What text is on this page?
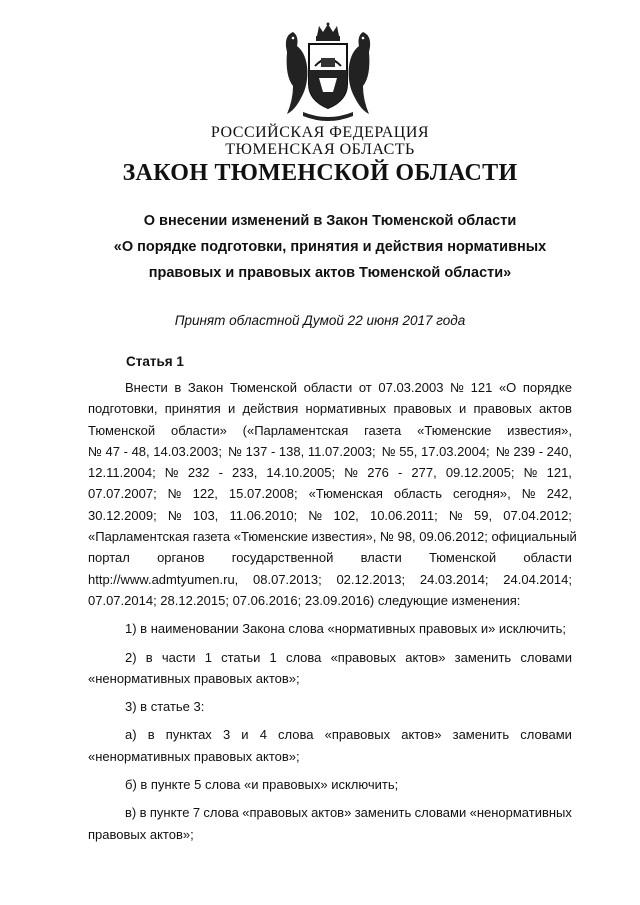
РОССИЙСКАЯ ФЕДЕРАЦИЯ
ТЮМЕНСКАЯ ОБЛАСТЬ
ЗАКОН ТЮМЕНСКОЙ ОБЛАСТИ
О внесении изменений в Закон Тюменской области
«О порядке подготовки, принятия и действия нормативных
правовых и правовых актов Тюменской области»
Принят областной Думой 22 июня 2017 года
Статья 1
Внести в Закон Тюменской области от 07.03.2003 № 121 «О порядке
подготовки, принятия и действия нормативных правовых и правовых актов
Тюменской области» («Парламентская газета «Тюменские известия»,
№ 47 - 48, 14.03.2003; № 137 - 138, 11.07.2003; № 55, 17.03.2004; № 239 - 240,
12.11.2004; № 232 - 233, 14.10.2005; № 276 - 277, 09.12.2005; № 121,
07.07.2007; № 122, 15.07.2008; «Тюменская область сегодня», № 242,
30.12.2009; № 103, 11.06.2010; № 102, 10.06.2011; № 59, 07.04.2012;
«Парламентская газета «Тюменские известия», № 98, 09.06.2012; официальный
портал органов государственной власти Тюменской области
http://www.admtyumen.ru, 08.07.2013; 02.12.2013; 24.03.2014; 24.04.2014;
07.07.2014; 28.12.2015; 07.06.2016; 23.09.2016) следующие изменения:
1) в наименовании Закона слова «нормативных правовых и» исключить;
2) в части 1 статьи 1 слова «правовых актов» заменить словами
«ненормативных правовых актов»;
3) в статье 3:
а) в пунктах 3 и 4 слова «правовых актов» заменить словами
«ненормативных правовых актов»;
б) в пункте 5 слова «и правовых» исключить;
в) в пункте 7 слова «правовых актов» заменить словами «ненормативных
правовых актов»;
